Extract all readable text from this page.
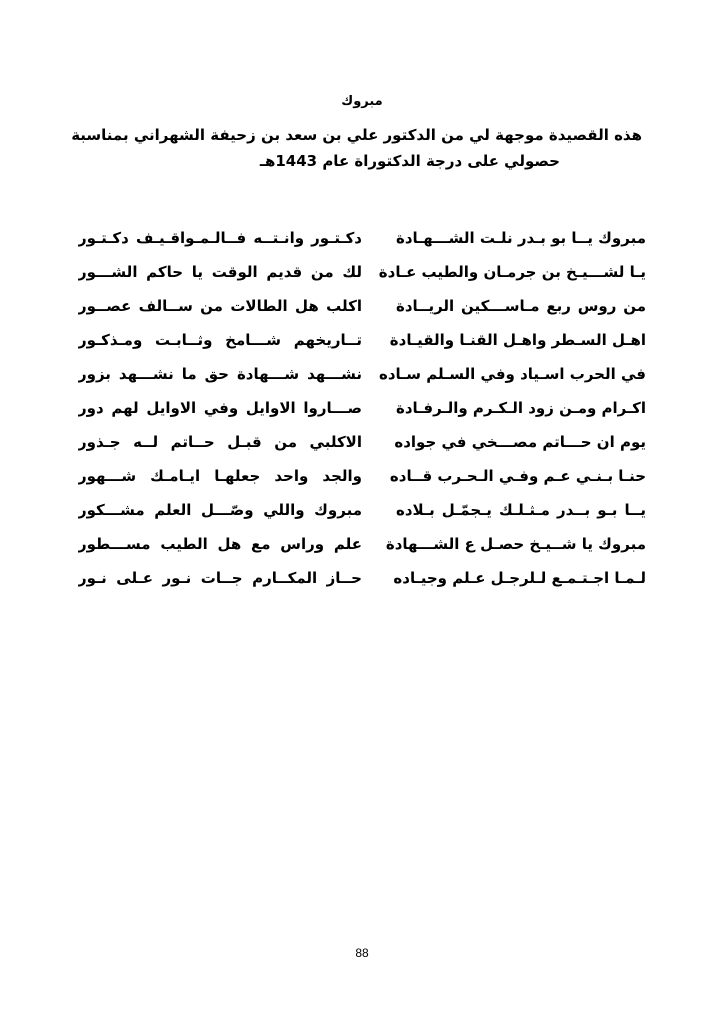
مبروك
هذه القصيدة موجهة لي من الدكتور علي بن سعد بن زحيفة الشهراني بمناسبة
حصولي على درجة الدكتوراة عام 1443هـ
مبروك يــا بو بـدر نلـت الشـــهـادة
دكـتـور وانـتــه فــالـمـواقـيـف دكـتـور
يـا لشـــيـخ بن جرمـان والطيب عـادة
لك من قديم الوقت يا حاكم الشـــور
من روس ربعٍ مـاســـكين الريــادة
اكلب هل الطالات من ســالف عصــور
اهـل السـطر واهـل القنـا والقيـادة
تــاريخهم شـــامخ وثــابـت ومـذكـور
في الحرب اسـياد وفي السـلم سـاده
نشـــهد شـــهادة حق ما نشـــهد بزور
اكـرام ومـن زود الـكـرم والـرفـادة
صـــاروا الاوايل وفي الاوايل لهم دور
يوم ان حـــاتم مصـــخي في جواده
الاكلبي من قبـل حــاتم لــه جـذور
حنـا بـنـي عـم وفـي الـحـرب قــاده
والجد واحد جعلهـا ايـامـك شـــهور
يــا بـو بــدر مـثـلـك يـجمّـل بـلاده
مبروك واللي وصّـــل العلم مشـــكور
مبروك يا شــيـخ حصـل ع الشـــهادة
علم وراس مع هل الطيب مســـطور
لـمـا اجـتـمـع لـلرجـل عـلم وجيـاده
حــاز المكــارم جــات نـور عـلى نـور
88
